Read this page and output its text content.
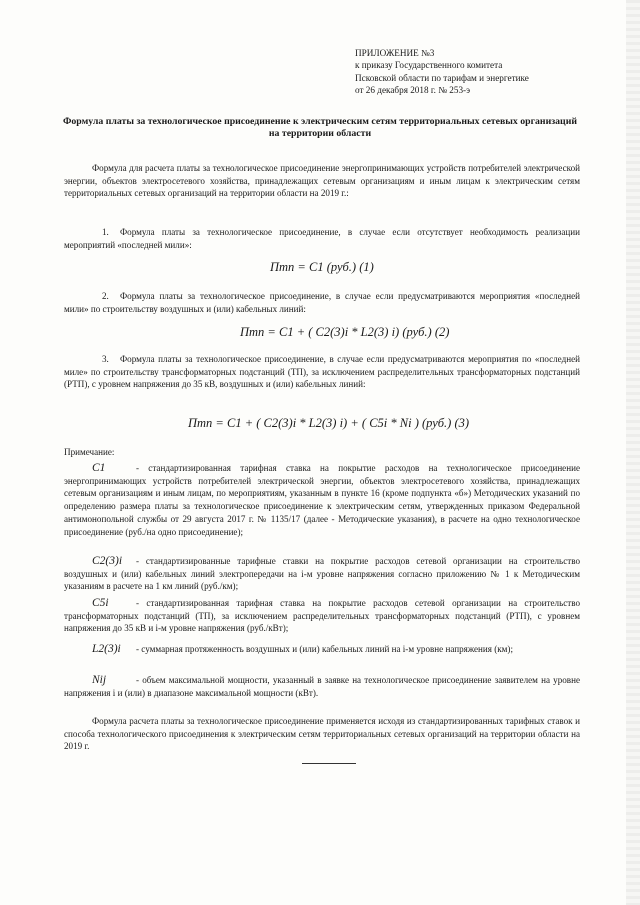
ПРИЛОЖЕНИЕ №3
к приказу Государственного комитета
Псковской области по тарифам и энергетике
от 26 декабря 2018 г. № 253-э
Формула платы за технологическое присоединение к электрическим сетям территориальных сетевых организаций на территории области
Формула для расчета платы за технологическое присоединение энергопринимающих устройств потребителей электрической энергии, объектов электросетевого хозяйства, принадлежащих сетевым организациям и иным лицам к электрическим сетям территориальных сетевых организаций на территории области на 2019 г.:
1. Формула платы за технологическое присоединение, в случае если отсутствует необходимость реализации мероприятий «последней мили»:
Птп = С1 (руб.) (1)
2. Формула платы за технологическое присоединение, в случае если предусматриваются мероприятия «последней мили» по строительству воздушных и (или) кабельных линий:
Птп = С1 + ( С2(3)i * L2(3) i) (руб.) (2)
3. Формула платы за технологическое присоединение, в случае если предусматриваются мероприятия по «последней миле» по строительству трансформаторных подстанций (ТП), за исключением распределительных трансформаторных подстанций (РТП), с уровнем напряжения до 35 кВ, воздушных и (или) кабельных линий:
Птп = С1 + ( С2(3)i * L2(3) i) + ( С5i * Ni ) (руб.) (3)
Примечание:
C1	- стандартизированная тарифная ставка на покрытие расходов на технологическое присоединение энергопринимающих устройств потребителей электрической энергии, объектов электросетевого хозяйства, принадлежащих сетевым организациям и иным лицам, по мероприятиям, указанным в пункте 16 (кроме подпункта «б») Методических указаний по определению размера платы за технологическое присоединение к электрическим сетям, утвержденных приказом Федеральной антимонопольной службы от 29 августа 2017 г. № 1135/17 (далее - Методические указания), в расчете на одно технологическое присоединение (руб./на одно присоединение);
C2(3)i - стандартизированные тарифные ставки на покрытие расходов сетевой организации на строительство воздушных и (или) кабельных линий электропередачи на i-м уровне напряжения согласно приложению № 1 к Методическим указаниям в расчете на 1 км линий (руб./км);
C5i	- стандартизированная тарифная ставка на покрытие расходов сетевой организации на строительство трансформаторных подстанций (ТП), за исключением распределительных трансформаторных подстанций (РТП), с уровнем напряжения до 35 кВ и i-м уровне напряжения (руб./кВт);
L2(3)i - суммарная протяженность воздушных и (или) кабельных линий на i-м уровне напряжения (км);
Nij	- объем максимальной мощности, указанный в заявке на технологическое присоединение заявителем на уровне напряжения i и (или) в диапазоне максимальной мощности (кВт).
Формула расчета платы за технологическое присоединение применяется исходя из стандартизированных тарифных ставок и способа технологического присоединения к электрическим сетям территориальных сетевых организаций на территории области на 2019 г.
